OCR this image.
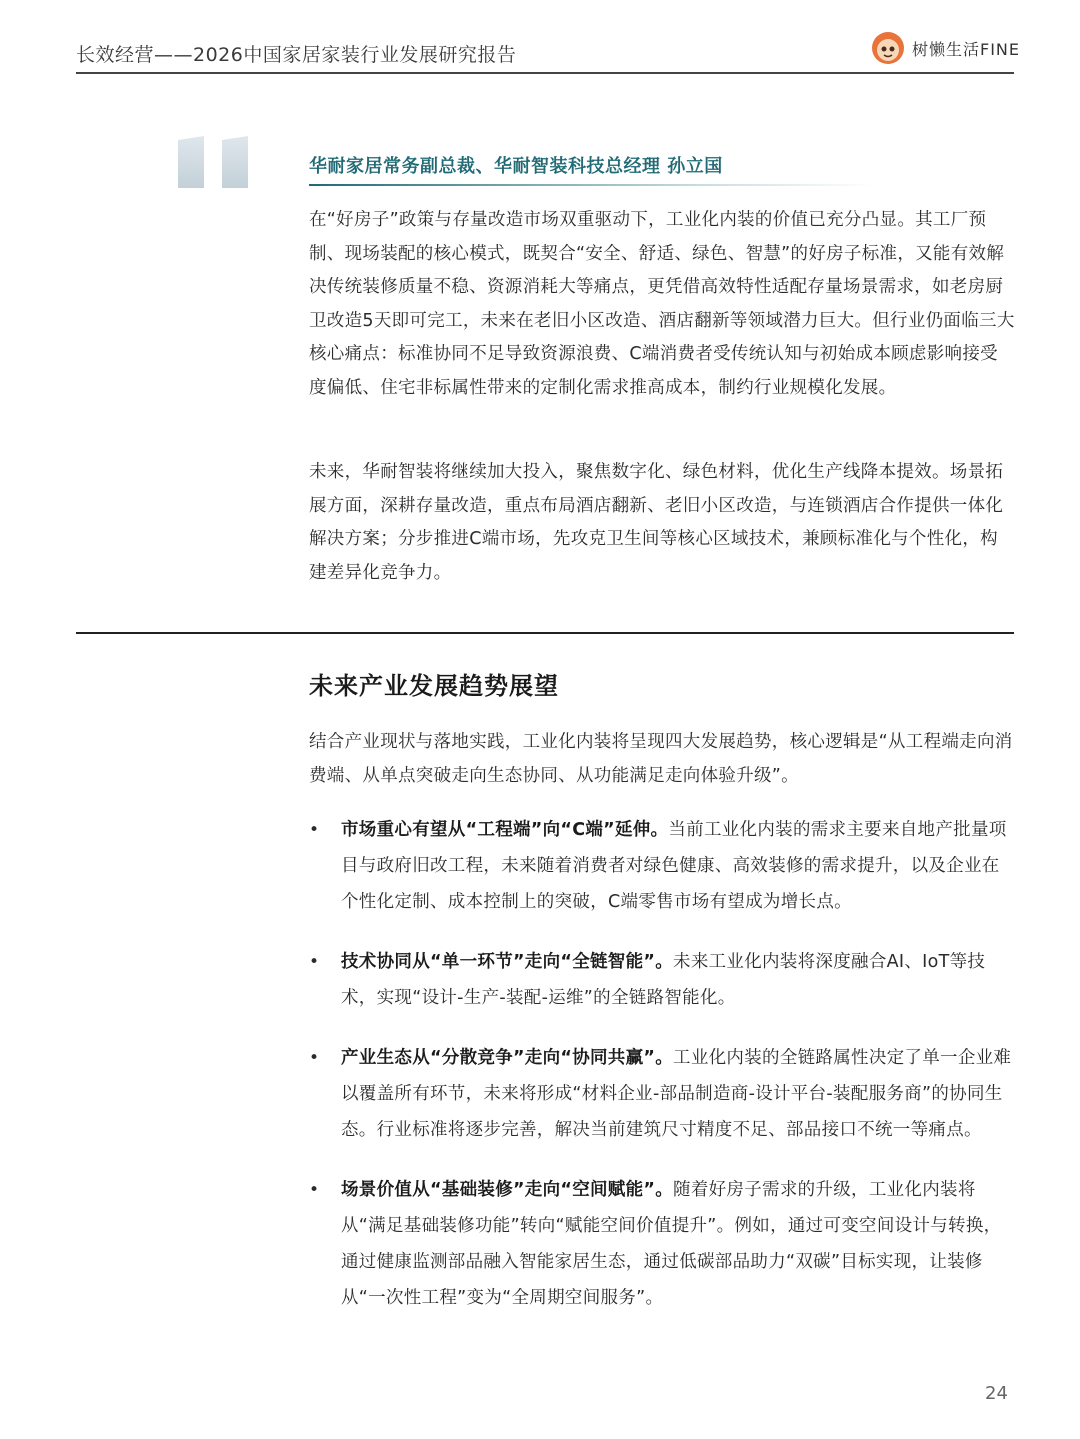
长效经营——2026中国家居家装行业发展研究报告	树懒生活FINE
华耐家居常务副总裁、华耐智装科技总经理 孙立国

在“好房子”政策与存量改造市场双重驱动下，工业化内装的价值已充分凸显。其工厂预制、现场装配的核心模式，既契合“安全、舒适、绿色、智慧”的好房子标准，又能有效解决传统装修质量不稳、资源消耗大等痛点，更凭借高效特性适配存量场景需求，如老房厨卫改造5天即可完工，未来在老旧小区改造、酒店翻新等领域潜力巨大。但行业仍面临三大核心痛点：标准协同不足导致资源浪费、C端消费者受传统认知与初始成本顾虑影响接受度偏低、住宅非标属性带来的定制化需求推高成本，制约行业规模化发展。

未来，华耐智装将继续加大投入，聚焦数字化、绿色材料，优化生产线降本提效。场景拓展方面，深耕存量改造，重点布局酒店翻新、老旧小区改造，与连锁酒店合作提供一体化解决方案；分步推进C端市场，先攻克卫生间等核心区域技术，兼顾标准化与个性化，构建差异化竞争力。

未来产业发展趋势展望

结合产业现状与落地实践，工业化内装将呈现四大发展趋势，核心逻辑是“从工程端走向消费端、从单点突破走向生态协同、从功能满足走向体验升级”。

• 市场重心有望从“工程端”向“C端”延伸。当前工业化内装的需求主要来自地产批量项目与政府旧改工程，未来随着消费者对绿色健康、高效装修的需求提升，以及企业在个性化定制、成本控制上的突破，C端零售市场有望成为增长点。
• 技术协同从“单一环节”走向“全链智能”。未来工业化内装将深度融合AI、IoT等技术，实现“设计-生产-装配-运维”的全链路智能化。
• 产业生态从“分散竞争”走向“协同共赢”。工业化内装的全链路属性决定了单一企业难以覆盖所有环节，未来将形成“材料企业-部品制造商-设计平台-装配服务商”的协同生态。行业标准将逐步完善，解决当前建筑尺寸精度不足、部品接口不统一等痛点。
• 场景价值从“基础装修”走向“空间赋能”。随着好房子需求的升级，工业化内装将从“满足基础装修功能”转向“赋能空间价值提升”。例如，通过可变空间设计与转换，通过健康监测部品融入智能家居生态，通过低碳部品助力“双碳”目标实现，让装修从“一次性工程”变为“全周期空间服务”。
24
